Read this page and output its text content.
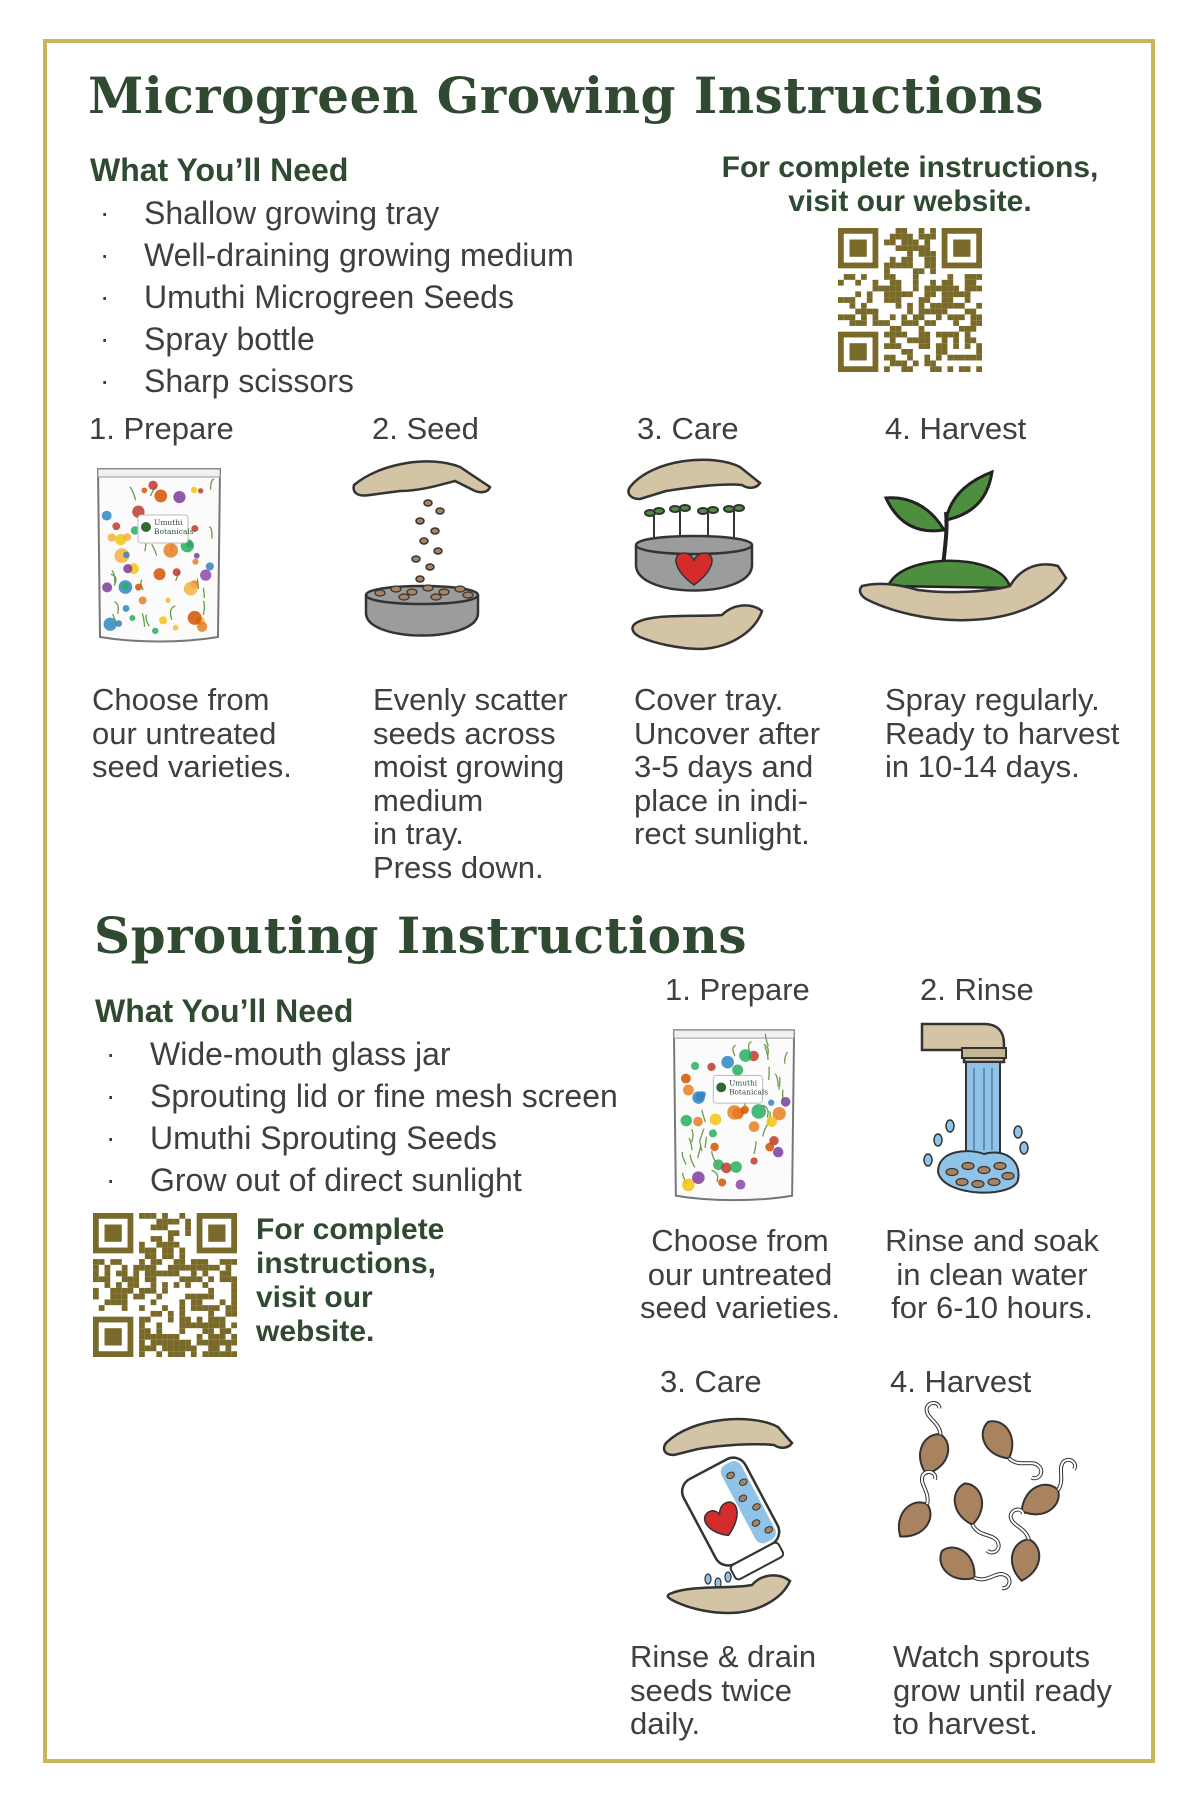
Microgreen Growing Instructions
What You’ll Need
· Shallow growing tray
· Well-draining growing medium
· Umuthi Microgreen Seeds
· Spray bottle
· Sharp scissors

For complete instructions,
visit our website.

1. Prepare	2. Seed	3. Care	4. Harvest

Umuthi
Botanicals

Choose from
our untreated
seed varieties.

Evenly scatter
seeds across
moist growing
medium
in tray.
Press down.

Cover tray.
Uncover after
3-5 days and
place in indi-
rect sunlight.

Spray regularly.
Ready to harvest
in 10-14 days.

Sprouting Instructions
What You’ll Need
· Wide-mouth glass jar
· Sprouting lid or fine mesh screen
· Umuthi Sprouting Seeds
· Grow out of direct sunlight

For complete
instructions,
visit our
website.

1. Prepare	2. Rinse

3. Care	4. Harvest

Umuthi
Botanicals

Choose from
our untreated
seed varieties.

Rinse and soak
in clean water
for 6-10 hours.

Rinse & drain
seeds twice
daily.

Watch sprouts
grow until ready
to harvest.
